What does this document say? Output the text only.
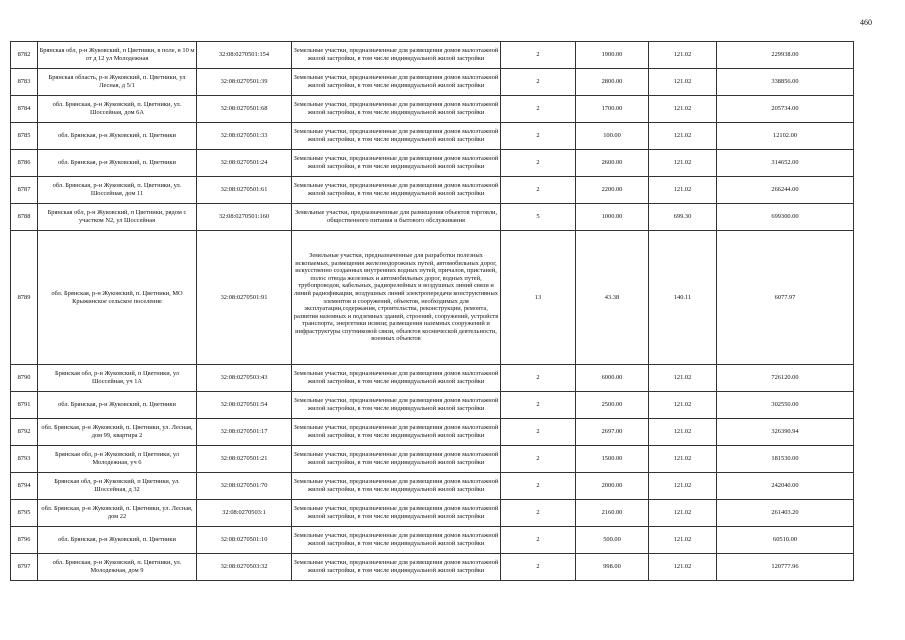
460
8782	Брянская обл, р-н Жуковский, п Цветники, в поле, в 10 м от д 12 ул Молодежная	32:08:0270501:154	Земельные участки, предназначенные для размещения домов малоэтажной жилой застройки, в том числе индивидуальной жилой застройки	2	1900.00	121.02	229938.00
8783	Брянская область, р-н Жуковский, п. Цветники, ул Лесная, д 5/1	32:08:0270501:39	Земельные участки, предназначенные для размещения домов малоэтажной жилой застройки, в том числе индивидуальной жилой застройки	2	2800.00	121.02	338856.00
8784	обл. Брянская, р-н Жуковский, п. Цветники, ул. Шоссейная, дом 6А	32:08:0270501:68	Земельные участки, предназначенные для размещения домов малоэтажной жилой застройки, в том числе индивидуальной жилой застройки	2	1700.00	121.02	205734.00
8785	обл. Брянская, р-н Жуковский, п. Цветники	32:08:0270501:33	Земельные участки, предназначенные для размещения домов малоэтажной жилой застройки, в том числе индивидуальной жилой застройки	2	100.00	121.02	12102.00
8786	обл. Брянская, р-н Жуковский, п. Цветники	32:08:0270501:24	Земельные участки, предназначенные для размещения домов малоэтажной жилой застройки, в том числе индивидуальной жилой застройки	2	2600.00	121.02	314652.00
8787	обл. Брянская, р-н Жуковский, п. Цветники, ул. Шоссейная, дом 11	32:08:0270501:61	Земельные участки, предназначенные для размещения домов малоэтажной жилой застройки, в том числе индивидуальной жилой застройки	2	2200.00	121.02	266244.00
8788	Брянская обл, р-н Жуковский, п Цветники, рядом с участком N2, ул Шоссейная	32:08:0270501:160	Земельные участки, предназначенные для размещения объектов торговли, общественного питания и бытового обслуживания	5	1000.00	699.30	699300.00
8789	обл. Брянская, р-н Жуковский, п. Цветники, МО Крыжинское сельское поселение	32:08:0270501:91	Земельные участки, предназначенные для разработки полезных ископаемых, размещения железнодорожных путей, автомобильных дорог, искусственно созданных внутренних водных путей, причалов, пристаней, полос отвода железных и автомобильных дорог, водных путей, трубопроводов, кабельных, радиорелейных и воздушных линий связи и линий радиофикации, воздушных линий электропередачи конструктивных элементов и сооружений, объектов, необходимых для эксплуатации,содержания, строительства, реконструкции, ремонта, развития наземных и подземных зданий, строений, сооружений, устройств транспорта, энергетики исвязи; размещения наземных сооружений и инфраструктуры спутниковой связи, объектов космической деятельности, военных объектов	13	43.38	140.11	6077.97
8790	Брянская обл, р-н Жуковский, п Цветники, ул Шоссейная, уч 1А	32:08:0270503:43	Земельные участки, предназначенные для размещения домов малоэтажной жилой застройки, в том числе индивидуальной жилой застройки	2	6000.00	121.02	726120.00
8791	обл. Брянская, р-н Жуковский, п. Цветники	32:08:0270501:54	Земельные участки, предназначенные для размещения домов малоэтажной жилой застройки, в том числе индивидуальной жилой застройки	2	2500.00	121.02	302550.00
8792	обл. Брянская, р-н Жуковский, п. Цветники, ул. Лесная, дом 99, квартира 2	32:08:0270501:17	Земельные участки, предназначенные для размещения домов малоэтажной жилой застройки, в том числе индивидуальной жилой застройки	2	2697.00	121.02	326390.94
8793	Брянская обл, р-н Жуковский, п Цветники, ул Молодежная, уч 6	32:08:0270501:21	Земельные участки, предназначенные для размещения домов малоэтажной жилой застройки, в том числе индивидуальной жилой застройки	2	1500.00	121.02	181530.00
8794	Брянская обл, р-н Жуковский, п Цветники, ул. Шоссейная, д 32	32:08:0270501:70	Земельные участки, предназначенные для размещения домов малоэтажной жилой застройки, в том числе индивидуальной жилой застройки	2	2000.00	121.02	242040.00
8795	обл. Брянская, р-н Жуковский, п. Цветники, ул. Лесная, дом 22	32:08:0270503:1	Земельные участки, предназначенные для размещения домов малоэтажной жилой застройки, в том числе индивидуальной жилой застройки	2	2160.00	121.02	261403.20
8796	обл. Брянская, р-н Жуковский, п. Цветники	32:08:0270501:10	Земельные участки, предназначенные для размещения домов малоэтажной жилой застройки, в том числе индивидуальной жилой застройки	2	500.00	121.02	60510.00
8797	обл. Брянская, р-н Жуковский, п. Цветники, ул. Молодежная, дом 9	32:08:0270503:32	Земельные участки, предназначенные для размещения домов малоэтажной жилой застройки, в том числе индивидуальной жилой застройки	2	998.00	121.02	120777.96
